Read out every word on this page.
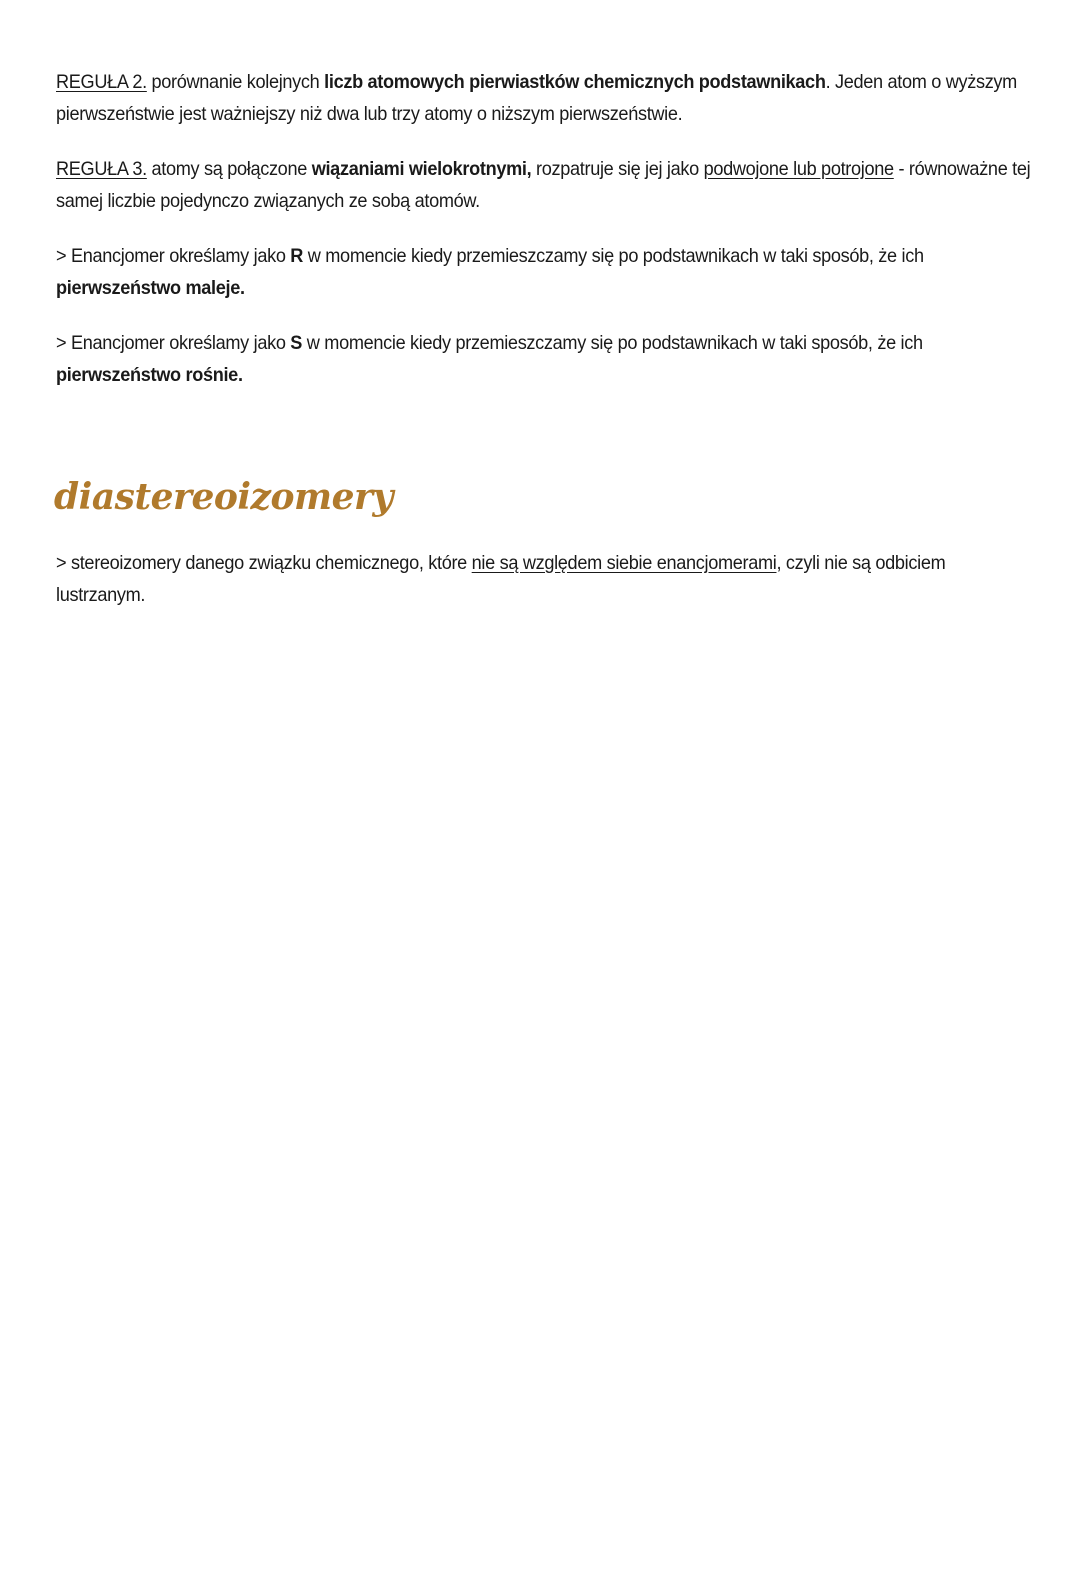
REGUŁA 2. porównanie kolejnych liczb atomowych pierwiastków chemicznych podstawnikach. Jeden atom o wyższym pierwszeństwie jest ważniejszy niż dwa lub trzy atomy o niższym pierwszeństwie.

REGUŁA 3. atomy są połączone wiązaniami wielokrotnymi, rozpatruje się jej jako podwojone lub potrojone - równoważne tej samej liczbie pojedynczo związanych ze sobą atomów.

> Enancjomer określamy jako R w momencie kiedy przemieszczamy się po podstawnikach w taki sposób, że ich pierwszeństwo maleje.

> Enancjomer określamy jako S w momencie kiedy przemieszczamy się po podstawnikach w taki sposób, że ich pierwszeństwo rośnie.

diastereoizomery

> stereoizomery danego związku chemicznego, które nie są względem siebie enancjomerami, czyli nie są odbiciem lustrzanym.
